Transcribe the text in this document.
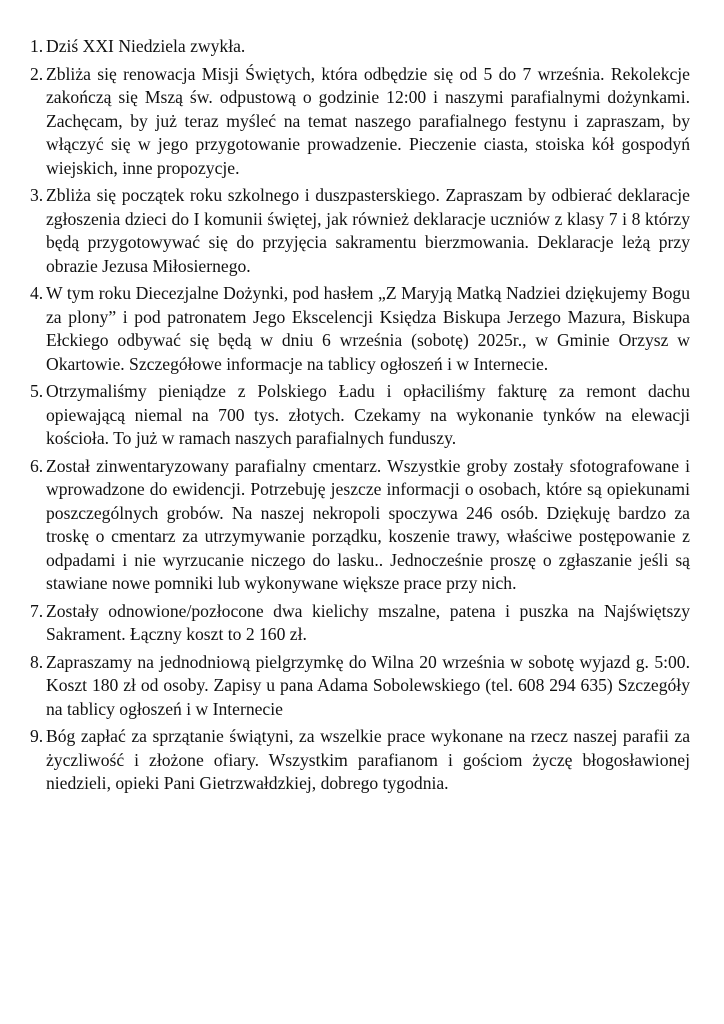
1. Dziś XXI Niedziela zwykła.
2. Zbliża się renowacja Misji Świętych, która odbędzie się od 5 do 7 września. Rekolekcje zakończą się Mszą św. odpustową o godzinie 12:00 i naszymi parafialnymi dożynkami. Zachęcam, by już teraz myśleć na temat naszego parafialnego festynu i zapraszam, by włączyć się w jego przygotowanie prowadzenie. Pieczenie ciasta, stoiska kół gospodyń wiejskich, inne propozycje.
3. Zbliża się początek roku szkolnego i duszpasterskiego. Zapraszam by odbierać deklaracje zgłoszenia dzieci do I komunii świętej, jak również deklaracje uczniów z klasy 7 i 8 którzy będą przygotowywać się do przyjęcia sakramentu bierzmowania. Deklaracje leżą przy obrazie Jezusa Miłosiernego.
4. W tym roku Diecezjalne Dożynki, pod hasłem „Z Maryją Matką Nadziei dziękujemy Bogu za plony” i pod patronatem Jego Ekscelencji Księdza Biskupa Jerzego Mazura, Biskupa Ełckiego odbywać się będą w dniu 6 września (sobotę) 2025r., w Gminie Orzysz w Okartowie. Szczegółowe informacje na tablicy ogłoszeń i w Internecie.
5. Otrzymaliśmy pieniądze z Polskiego Ładu i opłaciliśmy fakturę za remont dachu opiewającą niemal na 700 tys. złotych. Czekamy na wykonanie tynków na elewacji kościoła. To już w ramach naszych parafialnych funduszy.
6. Został zinwentaryzowany parafialny cmentarz. Wszystkie groby zostały sfotografowane i wprowadzone do ewidencji. Potrzebuję jeszcze informacji o osobach, które są opiekunami poszczególnych grobów. Na naszej nekropoli spoczywa 246 osób. Dziękuję bardzo za troskę o cmentarz za utrzymywanie porządku, koszenie trawy, właściwe postępowanie z odpadami i nie wyrzucanie niczego do lasku.. Jednocześnie proszę o zgłaszanie jeśli są stawiane nowe pomniki lub wykonywane większe prace przy nich.
7. Zostały odnowione/pozłocone dwa kielichy mszalne, patena i puszka na Najświętszy Sakrament. Łączny koszt to 2 160 zł.
8. Zapraszamy na jednodniową pielgrzymkę do Wilna 20 września w sobotę wyjazd g. 5:00. Koszt 180 zł od osoby. Zapisy u pana Adama Sobolewskiego (tel. 608 294 635) Szczegóły na tablicy ogłoszeń i w Internecie
9. Bóg zapłać za sprzątanie świątyni, za wszelkie prace wykonane na rzecz naszej parafii za życzliwość i złożone ofiary. Wszystkim parafianom i gościom życzę błogosławionej niedzieli, opieki Pani Gietrzwałdzkiej, dobrego tygodnia.
